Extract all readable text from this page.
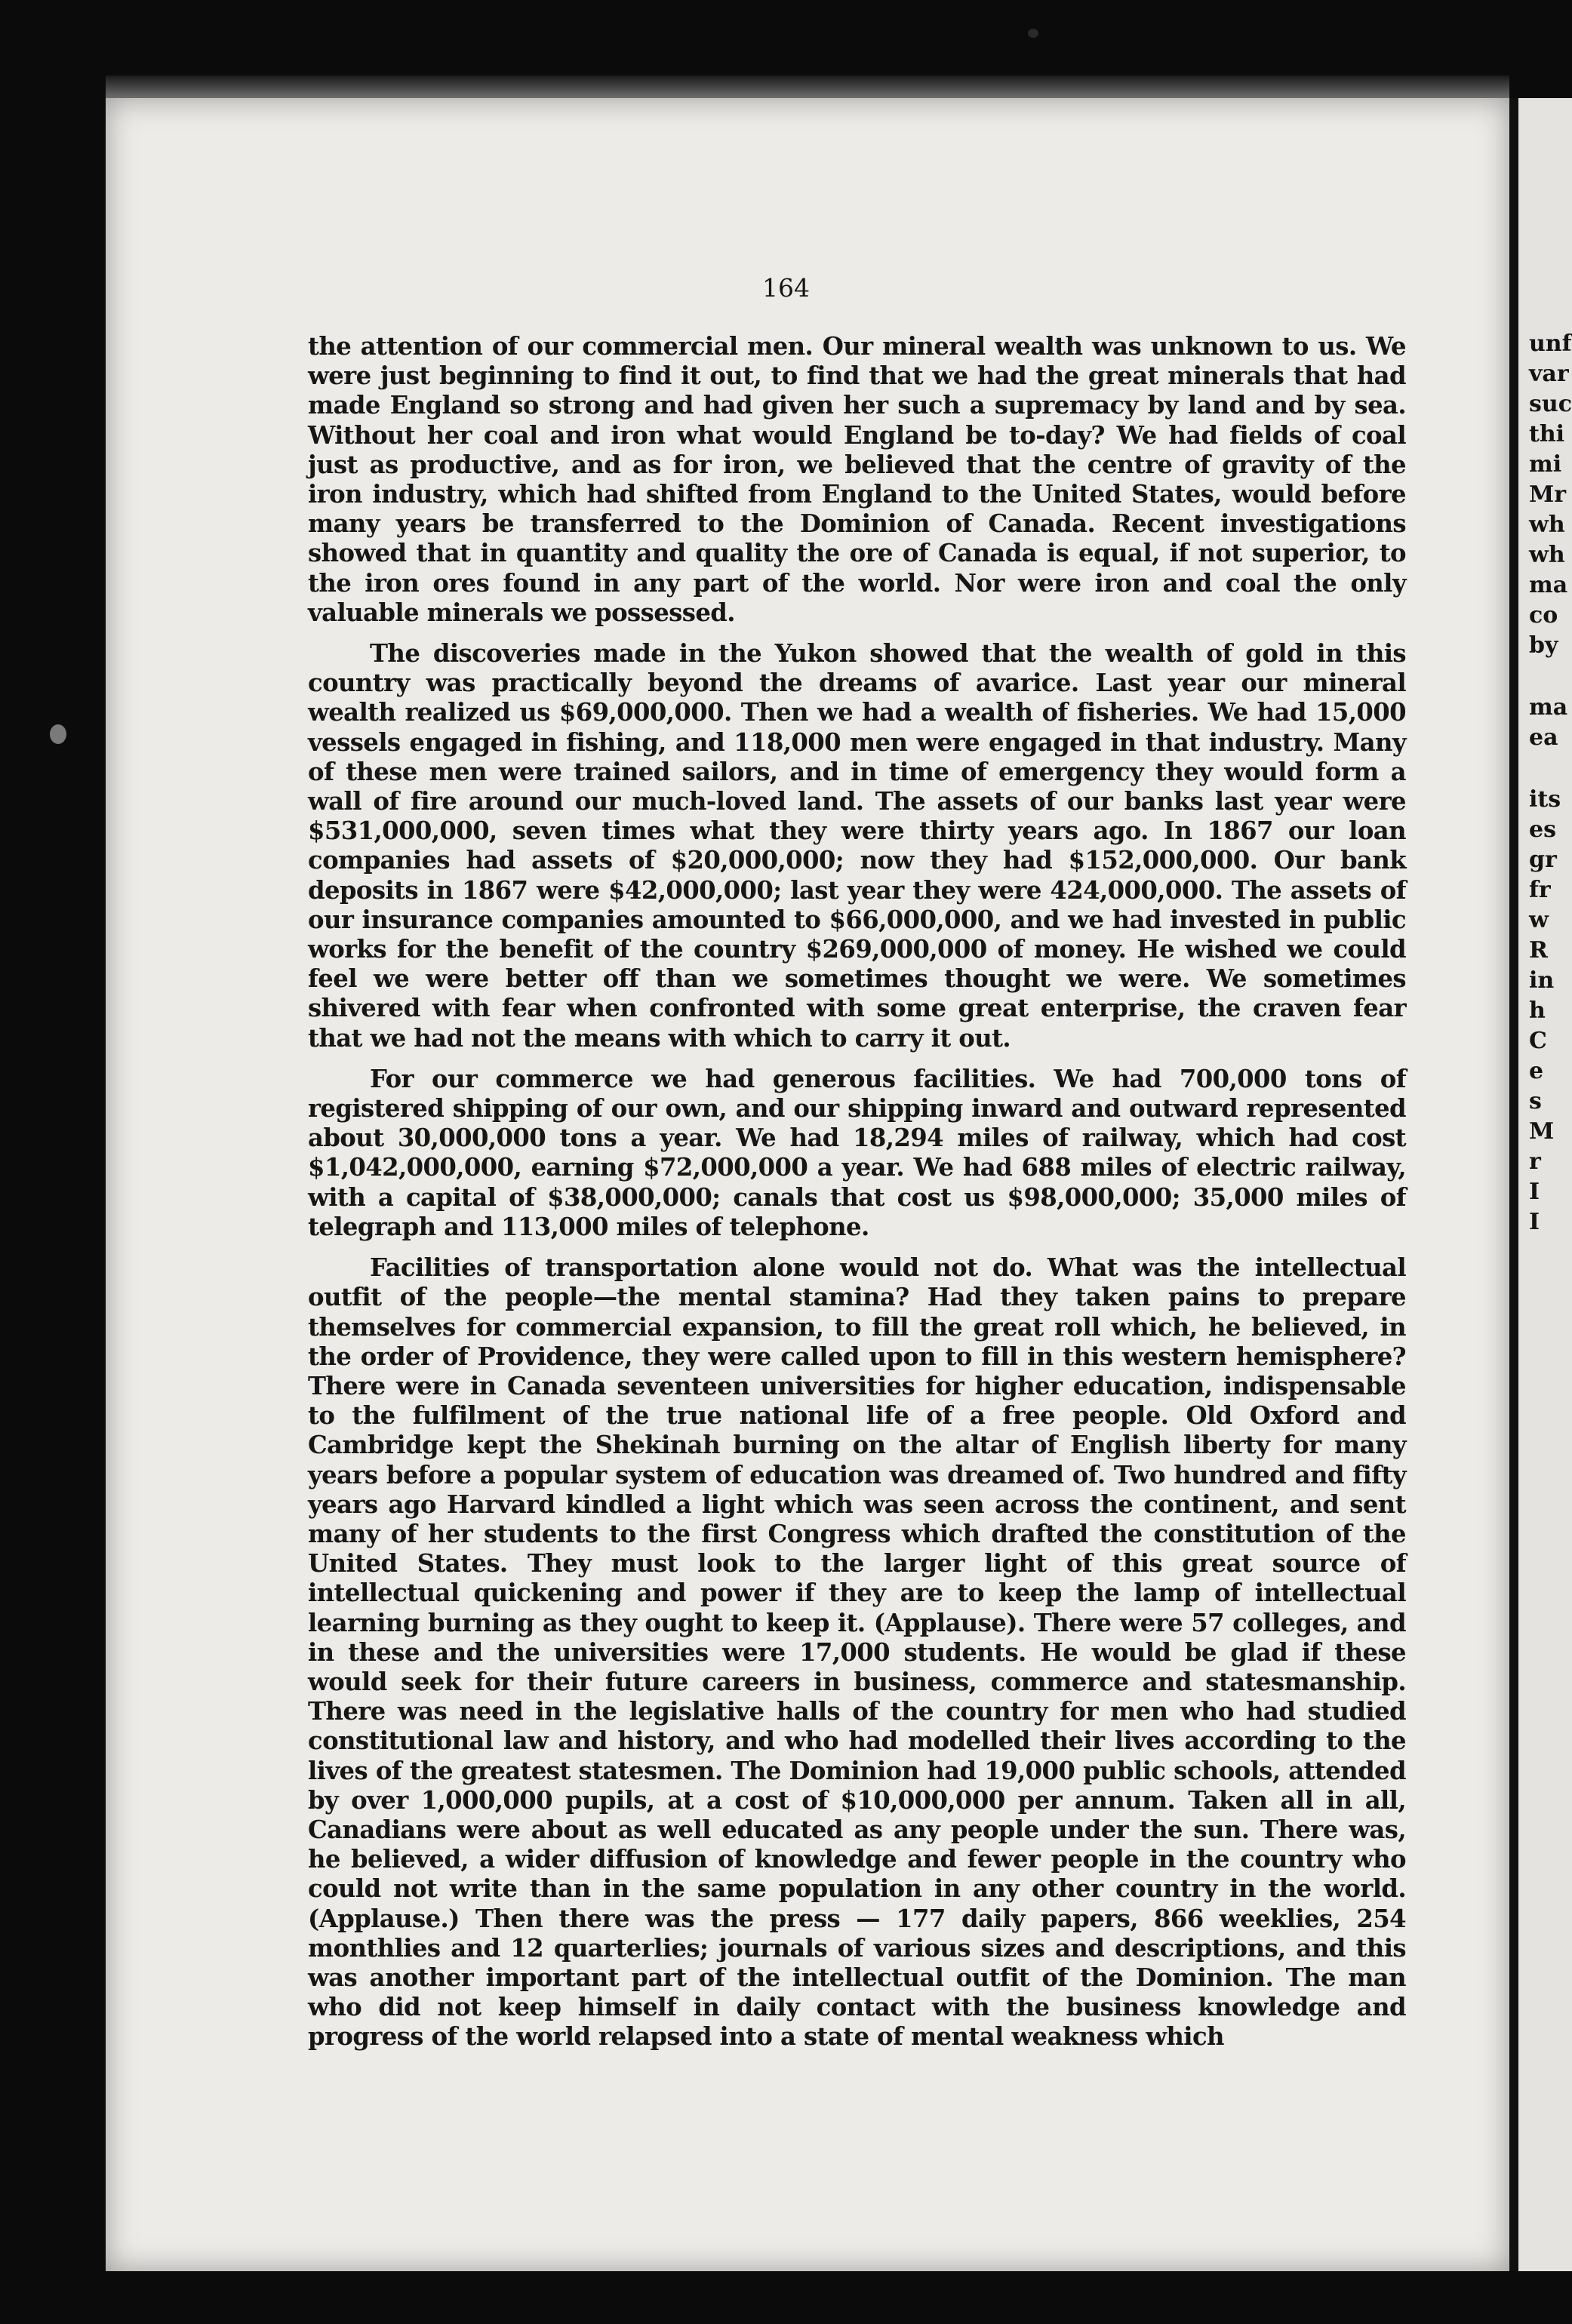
unf
var
suc
thi
mi
Mr
wh
wh
ma
co
by
ma
ea
its
es
gr
fr
w
R
in
h
C
e
s
M
r
I
I
164

the attention of our commercial men. Our mineral wealth was unknown to us. We were just beginning to find it out, to find that we had the great minerals that had made England so strong and had given her such a supremacy by land and by sea. Without her coal and iron what would England be to-day? We had fields of coal just as productive, and as for iron, we believed that the centre of gravity of the iron industry, which had shifted from England to the United States, would before many years be transferred to the Dominion of Canada. Recent investigations showed that in quantity and quality the ore of Canada is equal, if not superior, to the iron ores found in any part of the world. Nor were iron and coal the only valuable minerals we possessed.

The discoveries made in the Yukon showed that the wealth of gold in this country was practically beyond the dreams of avarice. Last year our mineral wealth realized us $69,000,000. Then we had a wealth of fisheries. We had 15,000 vessels engaged in fishing, and 118,000 men were engaged in that industry. Many of these men were trained sailors, and in time of emergency they would form a wall of fire around our much-loved land. The assets of our banks last year were $531,000,000, seven times what they were thirty years ago. In 1867 our loan companies had assets of $20,000,000; now they had $152,000,000. Our bank deposits in 1867 were $42,000,000; last year they were 424,000,000. The assets of our insurance companies amounted to $66,000,000, and we had invested in public works for the benefit of the country $269,000,000 of money. He wished we could feel we were better off than we sometimes thought we were. We sometimes shivered with fear when confronted with some great enterprise, the craven fear that we had not the means with which to carry it out.

For our commerce we had generous facilities. We had 700,000 tons of registered shipping of our own, and our shipping inward and outward represented about 30,000,000 tons a year. We had 18,294 miles of railway, which had cost $1,042,000,000, earning $72,000,000 a year. We had 688 miles of electric railway, with a capital of $38,000,000; canals that cost us $98,000,000; 35,000 miles of telegraph and 113,000 miles of telephone.

Facilities of transportation alone would not do. What was the intellectual outfit of the people—the mental stamina? Had they taken pains to prepare themselves for commercial expansion, to fill the great roll which, he believed, in the order of Providence, they were called upon to fill in this western hemisphere? There were in Canada seventeen universities for higher education, indispensable to the fulfilment of the true national life of a free people. Old Oxford and Cambridge kept the Shekinah burning on the altar of English liberty for many years before a popular system of education was dreamed of. Two hundred and fifty years ago Harvard kindled a light which was seen across the continent, and sent many of her students to the first Congress which drafted the constitution of the United States. They must look to the larger light of this great source of intellectual quickening and power if they are to keep the lamp of intellectual learning burning as they ought to keep it. (Applause). There were 57 colleges, and in these and the universities were 17,000 students. He would be glad if these would seek for their future careers in business, commerce and statesmanship. There was need in the legislative halls of the country for men who had studied constitutional law and history, and who had modelled their lives according to the lives of the greatest statesmen. The Dominion had 19,000 public schools, attended by over 1,000,000 pupils, at a cost of $10,000,000 per annum. Taken all in all, Canadians were about as well educated as any people under the sun. There was, he believed, a wider diffusion of knowledge and fewer people in the country who could not write than in the same population in any other country in the world. (Applause.) Then there was the press — 177 daily papers, 866 weeklies, 254 monthlies and 12 quarterlies; journals of various sizes and descriptions, and this was another important part of the intellectual outfit of the Dominion. The man who did not keep himself in daily contact with the business knowledge and progress of the world relapsed into a state of mental weakness which
